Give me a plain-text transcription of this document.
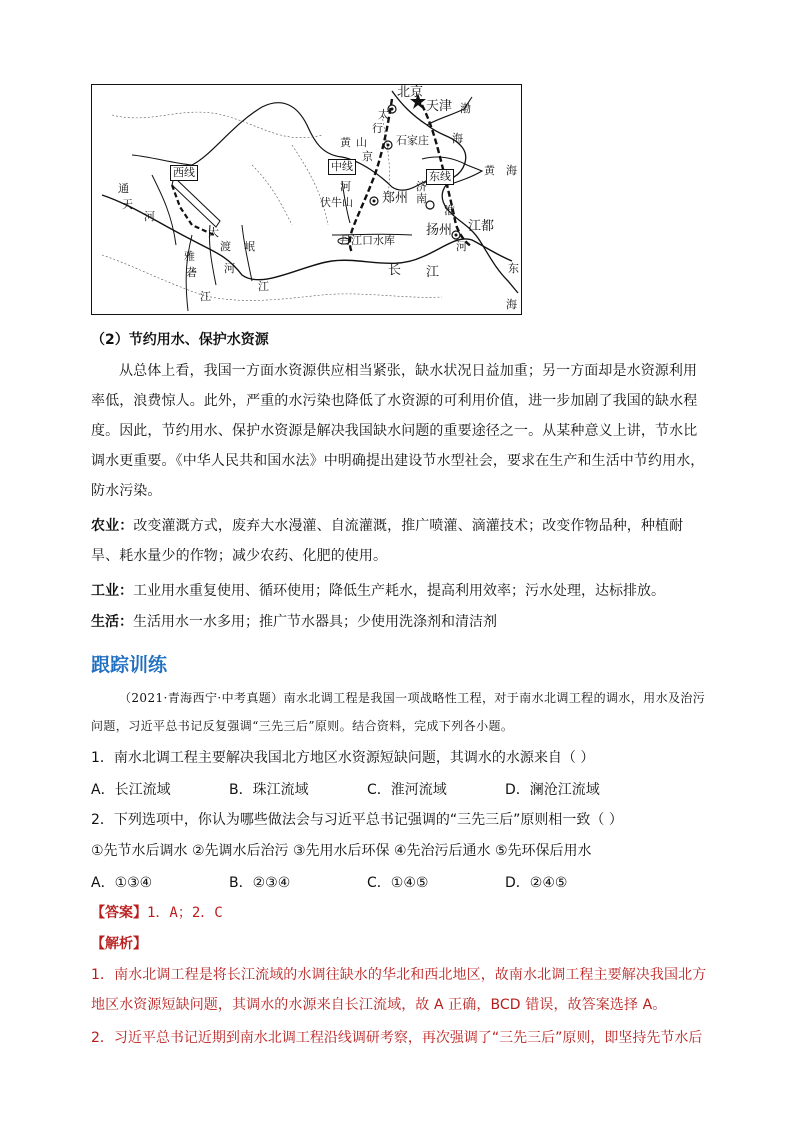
北京
天津 渤
海
太
行
石家庄
黄 山
京
中线
东线
西线
河
黄 海
伏牛山 郑州
丹江口水库
扬州 江都
济
南
淮
河
通
天
河
大
渡
河
雅
砻
江
岷
江
长 江	东
海
（2）节约用水、保护水资源
从总体上看，我国一方面水资源供应相当紧张，缺水状况日益加重；另一方面却是水资源利用率低，浪费惊人。此外，严重的水污染也降低了水资源的可利用价值，进一步加剧了我国的缺水程度。因此，节约用水、保护水资源是解决我国缺水问题的重要途径之一。从某种意义上讲，节水比调水更重要。《中华人民共和国水法》中明确提出建设节水型社会，要求在生产和生活中节约用水，防水污染。
农业：改变灌溉方式，废弃大水漫灌、自流灌溉，推广喷灌、滴灌技术；改变作物品种，种植耐旱、耗水量少的作物；减少农药、化肥的使用。
工业：工业用水重复使用、循环使用；降低生产耗水，提高利用效率；污水处理，达标排放。
生活：生活用水一水多用；推广节水器具；少使用洗涤剂和清洁剂
跟踪训练
（2021·青海西宁·中考真题）南水北调工程是我国一项战略性工程，对于南水北调工程的调水，用水及治污问题，习近平总书记反复强调“三先三后”原则。结合资料，完成下列各小题。
1．南水北调工程主要解决我国北方地区水资源短缺问题，其调水的水源来自（ ）
A．长江流域	B．珠江流域	C．淮河流域	D．澜沧江流域
2．下列选项中，你认为哪些做法会与习近平总书记强调的“三先三后”原则相一致（ ）
①先节水后调水 ②先调水后治污 ③先用水后环保 ④先治污后通水 ⑤先环保后用水
A．①③④	B．②③④	C．①④⑤	D．②④⑤
【答案】1．A；2．C
【解析】
1．南水北调工程是将长江流域的水调往缺水的华北和西北地区，故南水北调工程主要解决我国北方地区水资源短缺问题，其调水的水源来自长江流域，故 A 正确，BCD 错误，故答案选择 A。
2．习近平总书记近期到南水北调工程沿线调研考察，再次强调了“三先三后”原则，即坚持先节水后
